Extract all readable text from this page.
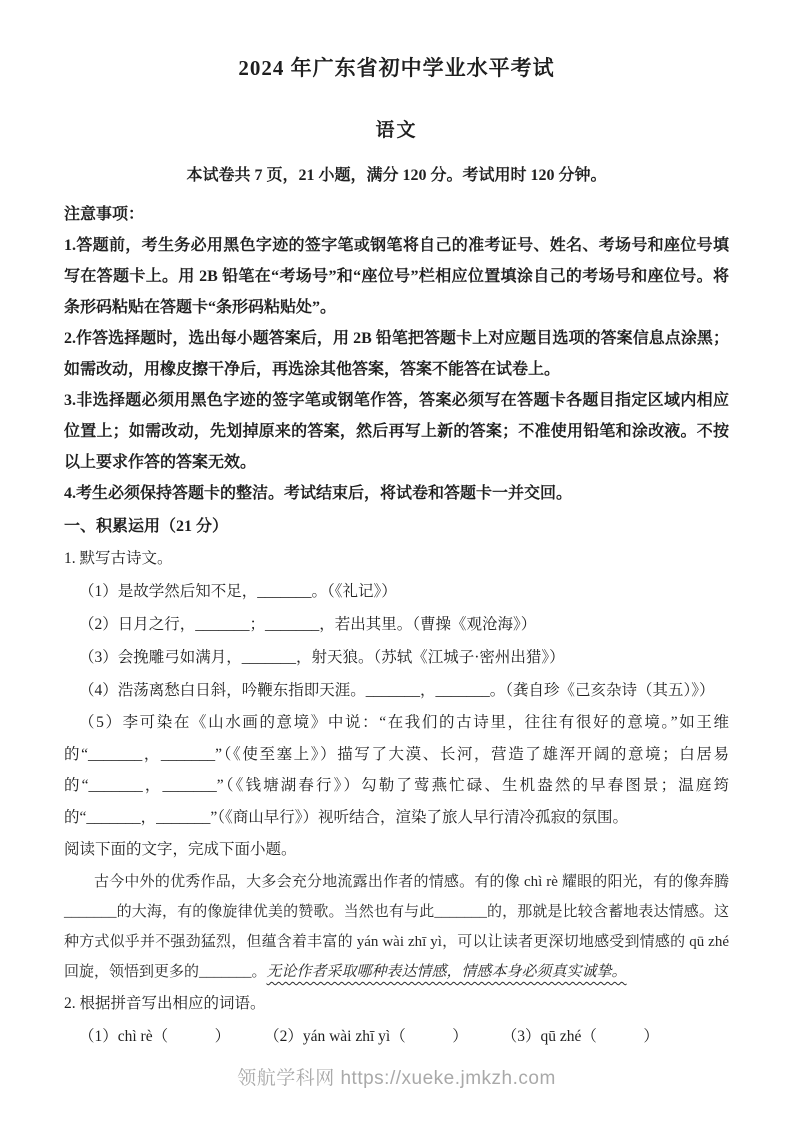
2024 年广东省初中学业水平考试
语文
本试卷共 7 页，21 小题，满分 120 分。考试用时 120 分钟。
注意事项：

1.答题前，考生务必用黑色字迹的签字笔或钢笔将自己的准考证号、姓名、考场号和座位号填写在答题卡上。用 2B 铅笔在“考场号”和“座位号”栏相应位置填涂自己的考场号和座位号。将条形码粘贴在答题卡“条形码粘贴处”。

2.作答选择题时，选出每小题答案后，用 2B 铅笔把答题卡上对应题目选项的答案信息点涂黑；如需改动，用橡皮擦干净后，再选涂其他答案，答案不能答在试卷上。

3.非选择题必须用黑色字迹的签字笔或钢笔作答，答案必须写在答题卡各题目指定区域内相应位置上；如需改动，先划掉原来的答案，然后再写上新的答案；不准使用铅笔和涂改液。不按以上要求作答的答案无效。

4.考生必须保持答题卡的整洁。考试结束后，将试卷和答题卡一并交回。

一、积累运用（21 分）

1. 默写古诗文。

（1）是故学然后知不足，_______。（《礼记》）

（2）日月之行，_______；_______，若出其里。（曹操《观沧海》）

（3）会挽雕弓如满月，_______，射天狼。（苏轼《江城子·密州出猎》）

（4）浩荡离愁白日斜，吟鞭东指即天涯。_______，_______。（龚自珍《己亥杂诗（其五）》）

（5）李可染在《山水画的意境》中说：“在我们的古诗里，往往有很好的意境。”如王维的“_______，_______”（《使至塞上》）描写了大漠、长河，营造了雄浑开阔的意境；白居易的“_______，_______”（《钱塘湖春行》）勾勒了莺燕忙碌、生机盎然的早春图景；温庭筠的“_______，_______”（《商山早行》）视听结合，渲染了旅人早行清冷孤寂的氛围。

阅读下面的文字，完成下面小题。

古今中外的优秀作品，大多会充分地流露出作者的情感。有的像 chì rè 耀眼的阳光，有的像奔腾_______的大海，有的像旋律优美的赞歌。当然也有与此_______的，那就是比较含蓄地表达情感。这种方式似乎并不强劲猛烈，但蕴含着丰富的 yán wài zhī yì，可以让读者更深切地感受到情感的 qū zhé 回旋，领悟到更多的_______。无论作者采取哪种表达情感，情感本身必须真实诚挚。

2. 根据拼音写出相应的词语。

（1）chì rè（　　　） （2）yán wài zhī yì（　　　） （3）qū zhé（　　　）
领航学科网 https://xueke.jmkzh.com
